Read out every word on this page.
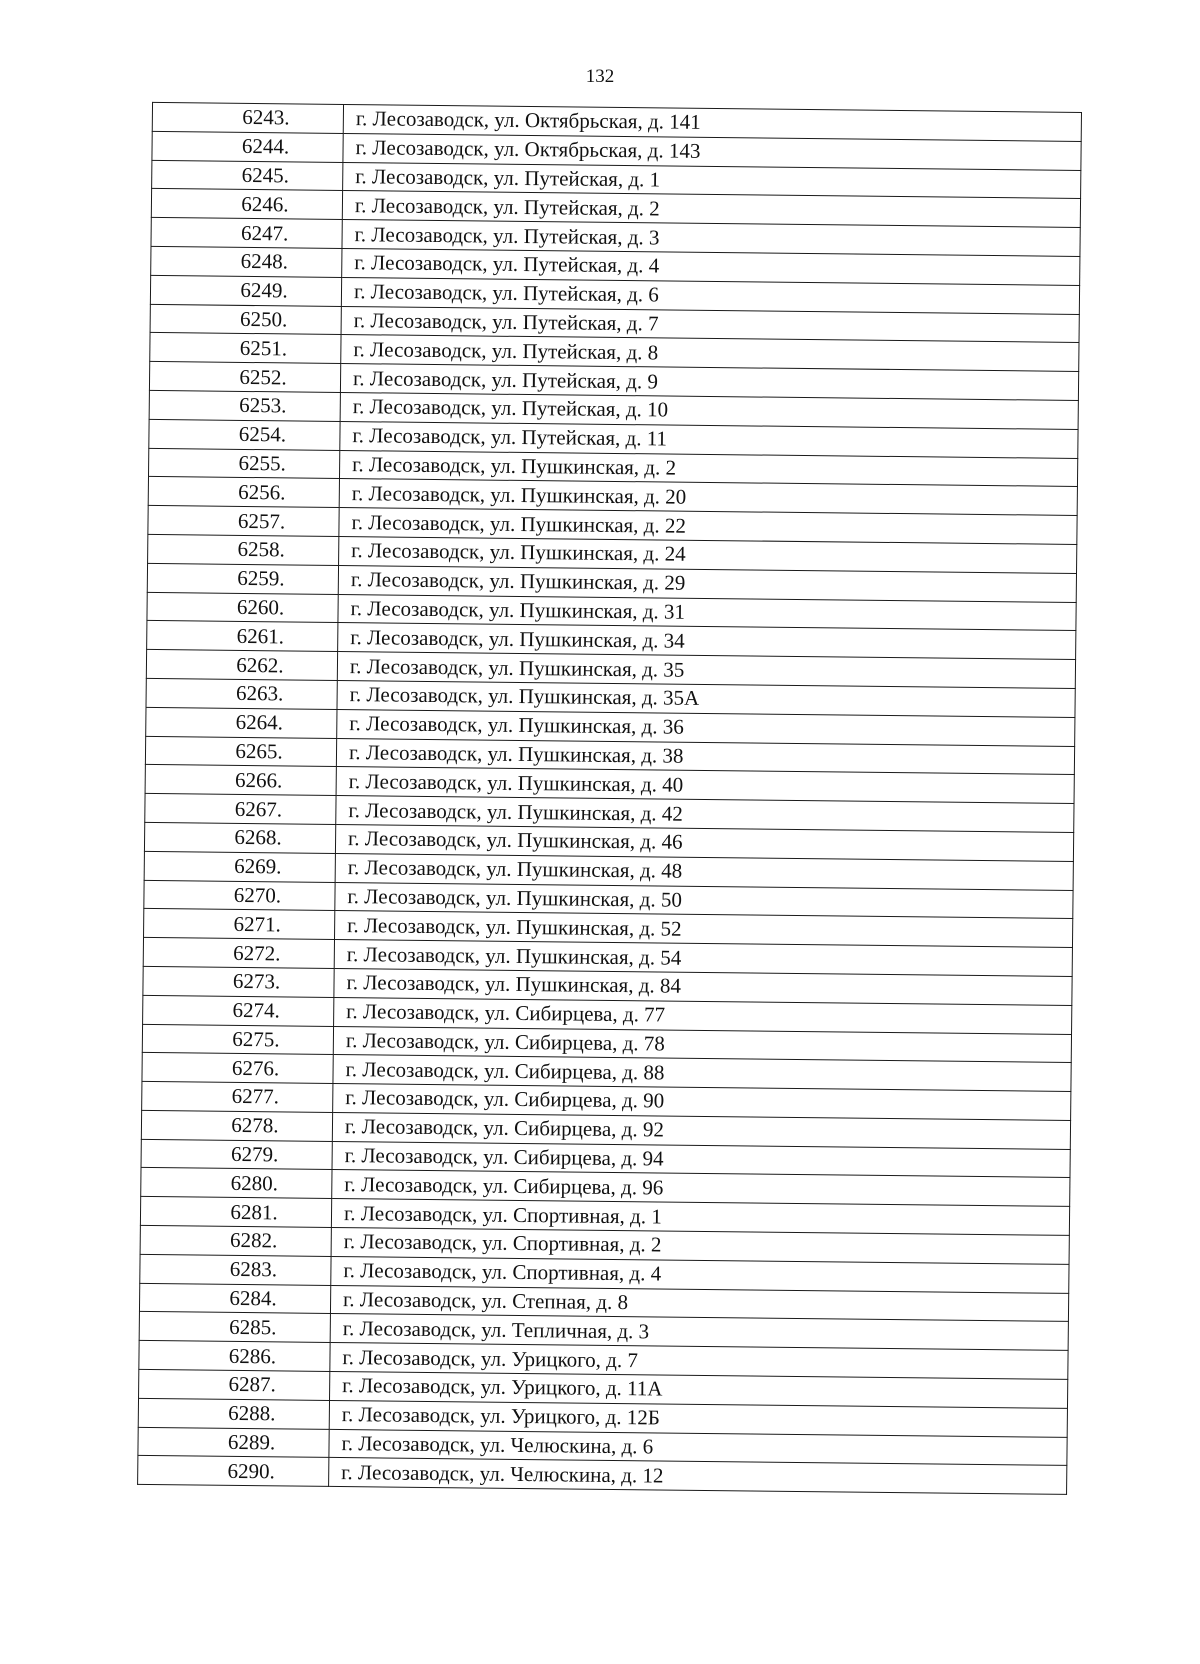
132
6243.	г. Лесозаводск, ул. Октябрьская, д. 141
6244.	г. Лесозаводск, ул. Октябрьская, д. 143
6245.	г. Лесозаводск, ул. Путейская, д. 1
6246.	г. Лесозаводск, ул. Путейская, д. 2
6247.	г. Лесозаводск, ул. Путейская, д. 3
6248.	г. Лесозаводск, ул. Путейская, д. 4
6249.	г. Лесозаводск, ул. Путейская, д. 6
6250.	г. Лесозаводск, ул. Путейская, д. 7
6251.	г. Лесозаводск, ул. Путейская, д. 8
6252.	г. Лесозаводск, ул. Путейская, д. 9
6253.	г. Лесозаводск, ул. Путейская, д. 10
6254.	г. Лесозаводск, ул. Путейская, д. 11
6255.	г. Лесозаводск, ул. Пушкинская, д. 2
6256.	г. Лесозаводск, ул. Пушкинская, д. 20
6257.	г. Лесозаводск, ул. Пушкинская, д. 22
6258.	г. Лесозаводск, ул. Пушкинская, д. 24
6259.	г. Лесозаводск, ул. Пушкинская, д. 29
6260.	г. Лесозаводск, ул. Пушкинская, д. 31
6261.	г. Лесозаводск, ул. Пушкинская, д. 34
6262.	г. Лесозаводск, ул. Пушкинская, д. 35
6263.	г. Лесозаводск, ул. Пушкинская, д. 35А
6264.	г. Лесозаводск, ул. Пушкинская, д. 36
6265.	г. Лесозаводск, ул. Пушкинская, д. 38
6266.	г. Лесозаводск, ул. Пушкинская, д. 40
6267.	г. Лесозаводск, ул. Пушкинская, д. 42
6268.	г. Лесозаводск, ул. Пушкинская, д. 46
6269.	г. Лесозаводск, ул. Пушкинская, д. 48
6270.	г. Лесозаводск, ул. Пушкинская, д. 50
6271.	г. Лесозаводск, ул. Пушкинская, д. 52
6272.	г. Лесозаводск, ул. Пушкинская, д. 54
6273.	г. Лесозаводск, ул. Пушкинская, д. 84
6274.	г. Лесозаводск, ул. Сибирцева, д. 77
6275.	г. Лесозаводск, ул. Сибирцева, д. 78
6276.	г. Лесозаводск, ул. Сибирцева, д. 88
6277.	г. Лесозаводск, ул. Сибирцева, д. 90
6278.	г. Лесозаводск, ул. Сибирцева, д. 92
6279.	г. Лесозаводск, ул. Сибирцева, д. 94
6280.	г. Лесозаводск, ул. Сибирцева, д. 96
6281.	г. Лесозаводск, ул. Спортивная, д. 1
6282.	г. Лесозаводск, ул. Спортивная, д. 2
6283.	г. Лесозаводск, ул. Спортивная, д. 4
6284.	г. Лесозаводск, ул. Степная, д. 8
6285.	г. Лесозаводск, ул. Тепличная, д. 3
6286.	г. Лесозаводск, ул. Урицкого, д. 7
6287.	г. Лесозаводск, ул. Урицкого, д. 11А
6288.	г. Лесозаводск, ул. Урицкого, д. 12Б
6289.	г. Лесозаводск, ул. Челюскина, д. 6
6290.	г. Лесозаводск, ул. Челюскина, д. 12
